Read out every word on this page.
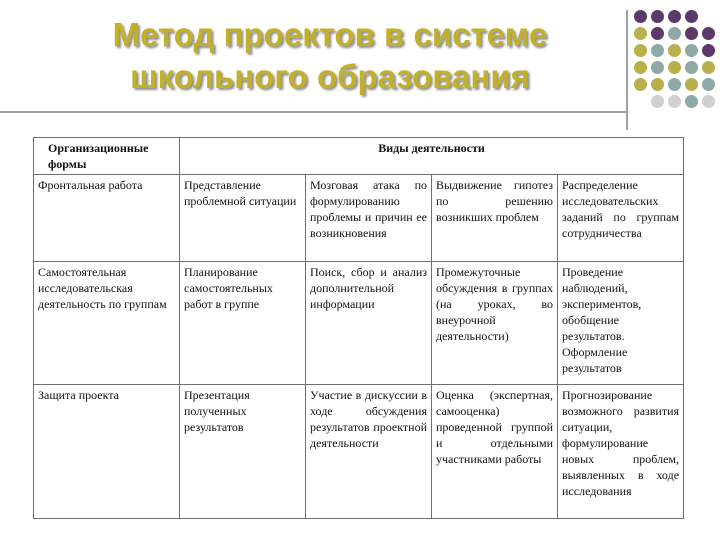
Метод проектов в системе
школьного образования
Организационные формы	Виды деятельности			
Фронтальная работа	Представление проблемной ситуации	Мозговая атака по формулированию проблемы и причин ее возникновения	Выдвижение гипотез по решению возникших проблем	Распределение исследовательских заданий по группам сотрудничества
Самостоятельная исследовательская деятельность по группам	Планирование самостоятельных работ в группе	Поиск, сбор и анализ дополнительной информации	Промежуточные обсуждения в группах (на уроках, во внеурочной деятельности)	Проведение наблюдений, экспериментов, обобщение результатов. Оформление результатов
Защита проекта	Презентация полученных результатов	Участие в дискуссии в ходе обсуждения результатов проектной деятельности	Оценка (экспертная, самооценка) проведенной группой и отдельными участниками работы	Прогнозирование возможного развития ситуации, формулирование новых проблем, выявленных в ходе исследования
